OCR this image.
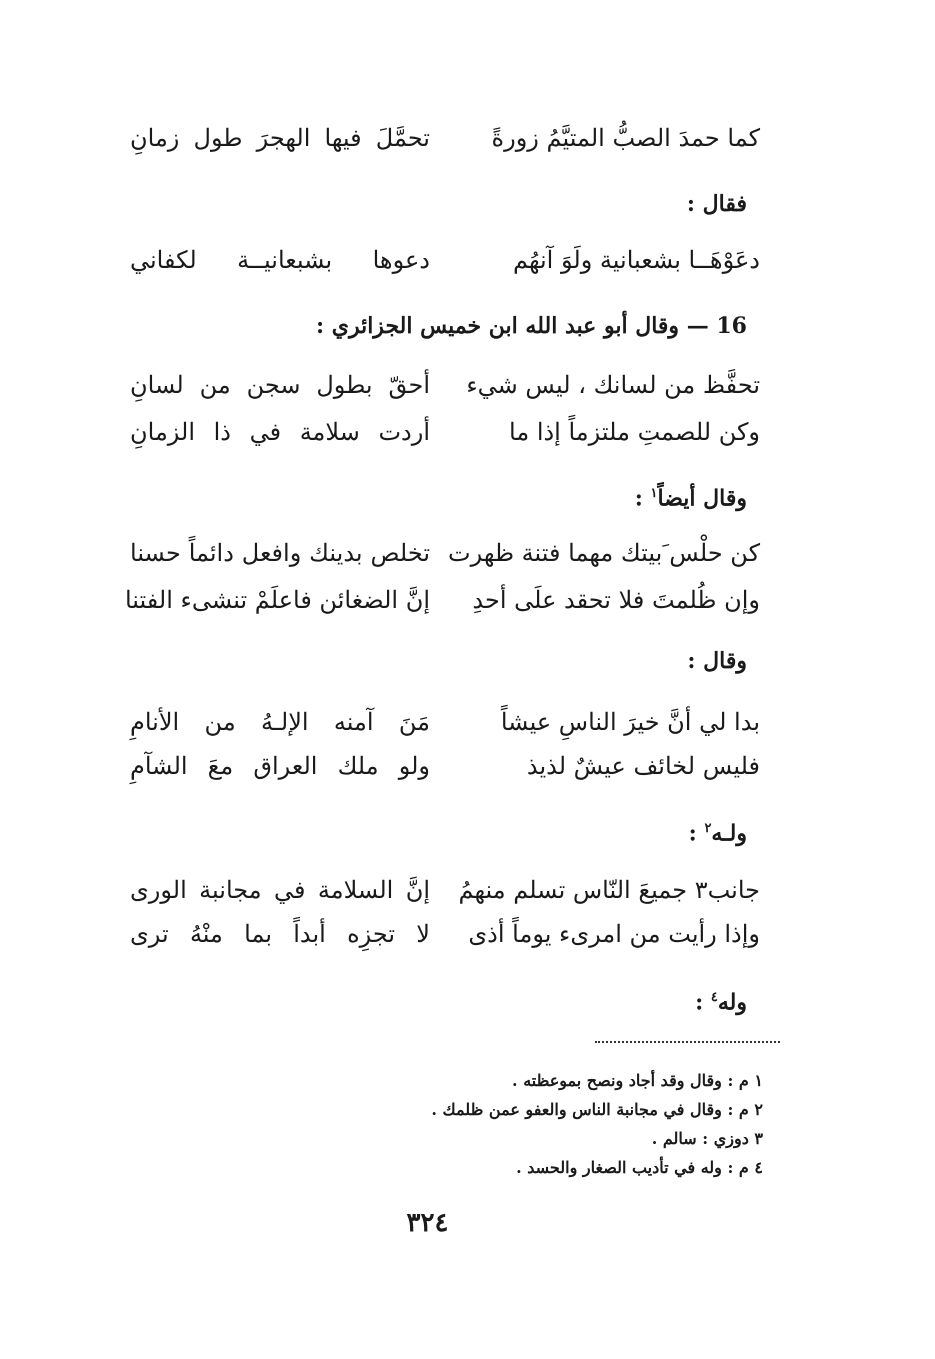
كما حمدَ الصبُّ المتيَّمُ زورةً
تحمَّلَ فيها الهجرَ طول زمانِ
فقال :
دعَوْهَــا بشعبانية ولَوَ آنهُم
دعوها بشبعانيــة لكفاني
16 — وقال أبو عبد الله ابن خميس الجزائري :
تحفَّظ من لسانك ، ليس شيء
أحقّ بطول سجن من لسانِ
وكن للصمتِ ملتزماً إذا ما
أردت سلامة في ذا الزمانِ
وقال أيضاً$^١$ :
كن حلْس َبيتك مهما فتنة ظهرت
تخلص بدينك وافعل دائماً حسنا
وإن ظُلمتَ فلا تحقد علَى أحدِ
إنَّ الضغائن فاعلَمْ تنشىء الفتنا
وقال :
بدا لي أنَّ خيرَ الناسِ عيشاً
مَنَ آمنه الإلـهُ من الأنامِ
فليس لخائف عيشٌ لذيذ
ولو ملك العراق معَ الشآمِ
ولـه$^٢$ :
جانب٣ جميعَ النّاس تسلم منهمُ
إنَّ السلامة في مجانبة الورى
وإذا رأيت من امرىء يوماً أذى
لا تجزِه أبداً بما منْهُ ترى
وله$^٤$ :
١ م : وقال وقد أجاد ونصح بموعظته .
٢ م : وقال في مجانبة الناس والعفو عمن ظلمك .
٣ دوزي : سالم .
٤ م : وله في تأديب الصغار والحسد .
٣٢٤
